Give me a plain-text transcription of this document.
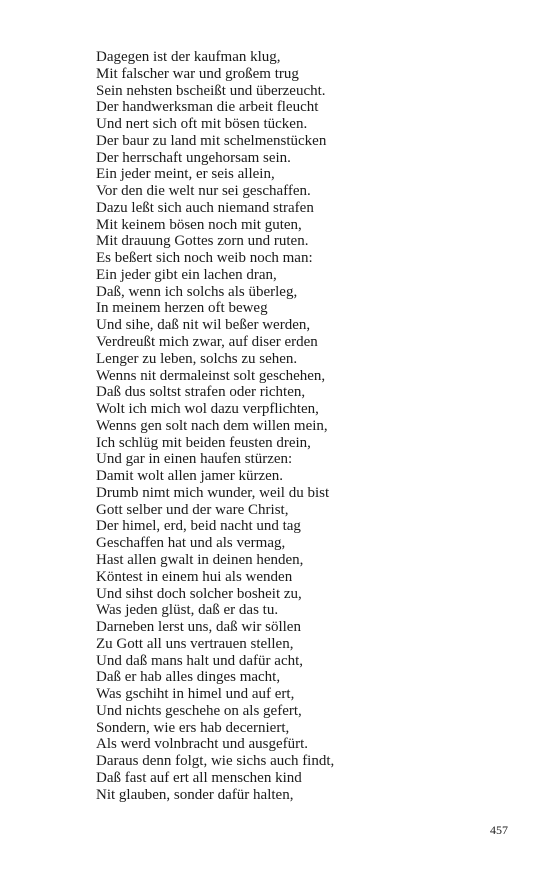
Dagegen ist der kaufman klug,
Mit falscher war und großem trug
Sein nehsten bscheißt und überzeucht.
Der handwerksman die arbeit fleucht
Und nert sich oft mit bösen tücken.
Der baur zu land mit schelmenstücken
Der herrschaft ungehorsam sein.
Ein jeder meint, er seis allein,
Vor den die welt nur sei geschaffen.
Dazu leßt sich auch niemand strafen
Mit keinem bösen noch mit guten,
Mit drauung Gottes zorn und ruten.
Es beßert sich noch weib noch man:
Ein jeder gibt ein lachen dran,
Daß, wenn ich solchs als überleg,
In meinem herzen oft beweg
Und sihe, daß nit wil beßer werden,
Verdreußt mich zwar, auf diser erden
Lenger zu leben, solchs zu sehen.
Wenns nit dermaleinst solt geschehen,
Daß dus soltst strafen oder richten,
Wolt ich mich wol dazu verpflichten,
Wenns gen solt nach dem willen mein,
Ich schlüg mit beiden feusten drein,
Und gar in einen haufen stürzen:
Damit wolt allen jamer kürzen.
Drumb nimt mich wunder, weil du bist
Gott selber und der ware Christ,
Der himel, erd, beid nacht und tag
Geschaffen hat und als vermag,
Hast allen gwalt in deinen henden,
Köntest in einem hui als wenden
Und sihst doch solcher bosheit zu,
Was jeden glüst, daß er das tu.
Darneben lerst uns, daß wir söllen
Zu Gott all uns vertrauen stellen,
Und daß mans halt und dafür acht,
Daß er hab alles dinges macht,
Was gschiht in himel und auf ert,
Und nichts geschehe on als gefert,
Sondern, wie ers hab decerniert,
Als werd volnbracht und ausgefürt.
Daraus denn folgt, wie sichs auch findt,
Daß fast auf ert all menschen kind
Nit glauben, sonder dafür halten,
457
